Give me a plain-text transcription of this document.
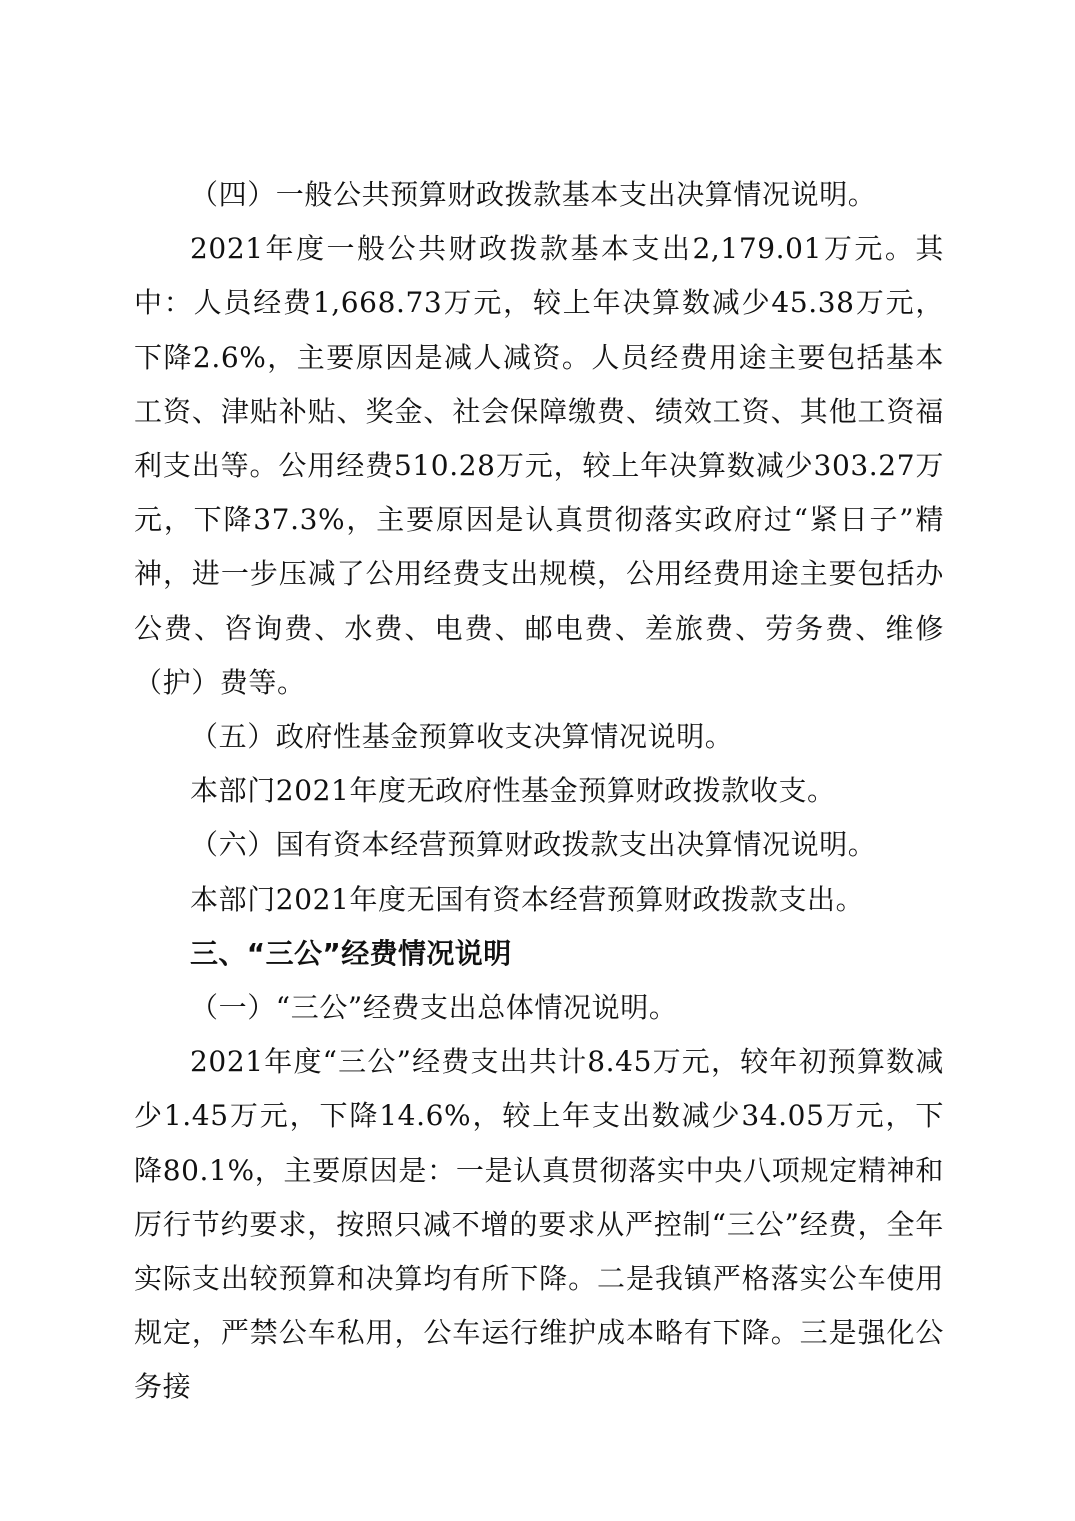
（四）一般公共预算财政拨款基本支出决算情况说明。

2021年度一般公共财政拨款基本支出2,179.01万元。其中：人员经费1,668.73万元，较上年决算数减少45.38万元，下降2.6%，主要原因是减人减资。人员经费用途主要包括基本工资、津贴补贴、奖金、社会保障缴费、绩效工资、其他工资福利支出等。公用经费510.28万元，较上年决算数减少303.27万元，下降37.3%，主要原因是认真贯彻落实政府过“紧日子”精神，进一步压减了公用经费支出规模，公用经费用途主要包括办公费、咨询费、水费、电费、邮电费、差旅费、劳务费、维修（护）费等。

（五）政府性基金预算收支决算情况说明。

本部门2021年度无政府性基金预算财政拨款收支。

（六）国有资本经营预算财政拨款支出决算情况说明。

本部门2021年度无国有资本经营预算财政拨款支出。

三、“三公”经费情况说明

（一）“三公”经费支出总体情况说明。

2021年度“三公”经费支出共计8.45万元，较年初预算数减少1.45万元，下降14.6%，较上年支出数减少34.05万元，下降80.1%，主要原因是：一是认真贯彻落实中央八项规定精神和厉行节约要求，按照只减不增的要求从严控制“三公”经费，全年实际支出较预算和决算均有所下降。二是我镇严格落实公车使用规定，严禁公车私用，公车运行维护成本略有下降。三是强化公务接
